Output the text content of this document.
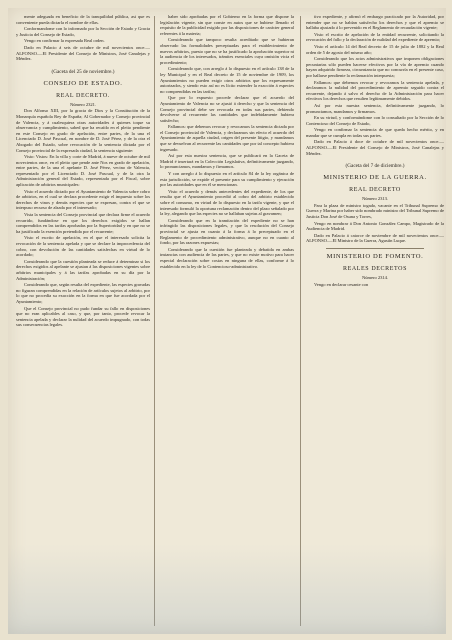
mente adeguada en beneficio de la tranquilidad pública, asi que es conveniente pueda dictarla el nombre de ellas.

Conformandome con lo informado por la Sección de Estado y Gracia y Justicia del Consejo de Estado,

Vengo en confirmar la expresada Real orden.

Dado en Palacio á seis de octubre de mil novecientos once.— ALFONSO.—El Presidente del Consejo de Ministros, José Canalejas y Méndez.

(Gaceta del 25 de noviembre.)

CONSEJO DE ESTADO.

REAL DECRETO.

Número 2321.

Don Alfonso XIII, por la gracia de Dios y la Constitución de la Monarquía española Rey de España; Al Gobernador y Consejo provincial de Valencia, y á cualesquiera otras autoridades á quienes toque su observancia y cumplimiento, sabed que ha recaído en el pleito pendiente en este Consejo en grado de apelación, entre partes, de la una el Licenciado D. José Pascual, en nombre de D. José Pérez, y de la otra el Abogado del Estado, sobre revocación de la sentencia dictada por el Consejo provincial de la expresada ciudad, la sentencia siguiente:

Visto: Vistos: En la villa y corte de Madrid, á nueve de octubre de mil novecientos once, en el pleito que pende ante Nos en grado de apelación, entre partes, de la una el apelante D. José Pérez, vecino de Valencia, representado por el Licenciado D. José Pascual, y de la otra la Administración general del Estado, representada por el Fiscal, sobre aplicación de arbitrios municipales:

Visto el acuerdo dictado por el Ayuntamiento de Valencia sobre cobro de arbitrios, en el cual se declara procedente exigir el impuesto sobre los derechos de vinos y demás especies que se expresan, contra el que se interpuso recurso de alzada por el interesado;

Vista la sentencia del Consejo provincial que declara firme el acuerdo recurrido, fundándose en que los derechos exigidos se hallan comprendidos en las tarifas aprobadas por la Superioridad y en que no se ha justificado la exención pretendida por el recurrente;

Visto el escrito de apelación, en el que el interesado solicita la revocación de la sentencia apelada y que se declare la improcedencia del cobro, con devolución de las cantidades satisfechas en virtud de lo acordado;

Considerando que la cuestión planteada se reduce á determinar si los derechos exigidos al apelante se ajustan á las disposiciones vigentes sobre arbitrios municipales y á las tarifas aprobadas en su día por la Administración;

Considerando que, según resulta del expediente, las especies gravadas no figuran comprendidas en la relación de artículos sujetos al arbitrio, por lo que no procedía su exacción en la forma en que fue acordada por el Ayuntamiento;

Que el Consejo provincial no pudo fundar su fallo en disposiciones que no eran aplicables al caso, y que, por tanto, procede revocar la sentencia apelada y declarar la nulidad del acuerdo impugnado, con todas sus consecuencias legales.

haber sido aprobadas por el Gobierno en la forma que dispone la legislación vigente, sin que conste en autos que se hubiese llenado el requisito de la publicidad exigido por las disposiciones de carácter general referentes á la materia;

Considerando que tampoco resulta acreditado que se hubieran observado las formalidades preceptuadas para el establecimiento de nuevos arbitrios, puesto que no se ha justificado la aprobación superior ni la audiencia de los interesados, trámites esenciales cuya omisión vicia el procedimiento;

Considerando que, con arreglo á lo dispuesto en el artículo 138 de la ley Municipal y en el Real decreto de 15 de noviembre de 1909, los Ayuntamientos no pueden exigir otros arbitrios que los expresamente autorizados, y siendo esto así no es lícito extender la exacción á especies no comprendidas en las tarifas;

Que por lo expuesto procede declarar que el acuerdo del Ayuntamiento de Valencia no se ajustó á derecho y que la sentencia del Consejo provincial debe ser revocada en todas sus partes, debiendo devolverse al recurrente las cantidades que indebidamente hubiera satisfecho;

Fallamos: que debemos revocar y revocamos la sentencia dictada por el Consejo provincial de Valencia, y declaramos sin efecto el acuerdo del Ayuntamiento de aquella ciudad, origen del presente litigio, y mandamos que se devuelvan al recurrente las cantidades que por tal concepto hubiera ingresado.

Así por esta nuestra sentencia, que se publicará en la Gaceta de Madrid é insertará en la Colección Legislativa, definitivamente juzgando, lo pronunciamos, mandamos y firmamos.

Y con arreglo á lo dispuesto en el artículo 84 de la ley orgánica de esta jurisdicción, se expide el presente para su cumplimiento y ejecución por las autoridades que en él se mencionan.

Visto el acuerdo y demás antecedentes del expediente, de los que resulta que el Ayuntamiento procedió al cobro del arbitrio establecido sobre el consumo, en virtud de lo dispuesto en la tarifa vigente, y que el interesado formuló la oportuna reclamación dentro del plazo señalado por la ley, alegando que las especies no se hallaban sujetas al gravamen;

Considerando que en la tramitación del expediente no se han infringido las disposiciones legales, y que la resolución del Consejo provincial se ajusta en cuanto á la forma á lo preceptuado en el Reglamento de procedimiento administrativo, aunque no en cuanto al fondo, por las razones expuestas;

Considerando que la cuestión fue planteada y debatida en ambas instancias con audiencia de las partes, y que no existe motivo para hacer especial declaración sobre costas en ninguna de ellas, conforme á lo establecido en la ley de lo Contencioso-administrativo.

tivo expediente, y afirmó el embargo practicado por la Autoridad, por entender que no se habían satisfecho los derechos y que el apremio se hallaba ajustado á lo prevenido en el Reglamento de recaudación vigente;

Visto el escrito de apelación de la entidad recurrente, solicitando la revocación del fallo y la declaración de nulidad del expediente de apremio;

Visto el artículo 14 del Real decreto de 15 de julio de 1882 y la Real orden de 5 de agosto del mismo año;

Considerando que los actos administrativos que imponen obligaciones pecuniarias sólo pueden hacerse efectivos por la vía de apremio cuando hayan adquirido firmeza, circunstancia que no concurría en el presente caso, por hallarse pendiente la reclamación interpuesta;

Fallamos: que debemos revocar y revocamos la sentencia apelada, y declaramos la nulidad del procedimiento de apremio seguido contra el recurrente, dejando á salvo el derecho de la Administración para hacer efectivos los derechos que resulten legítimamente debidos.

Así por esta nuestra sentencia, definitivamente juzgando, lo pronunciamos, mandamos y firmamos.

En su virtud, y conformándome con lo consultado por la Sección de lo Contencioso del Consejo de Estado,

Vengo en confirmar la sentencia de que queda hecho mérito, y en mandar que se cumpla en todas sus partes.

Dado en Palacio á doce de octubre de mil novecientos once.—ALFONSO.—El Presidente del Consejo de Ministros, José Canalejas y Méndez.

(Gaceta del 7 de diciembre.)

MINISTERIO DE LA GUERRA.

REAL DECRETO

Número 2313.

Para la plaza de ministro togado, vacante en el Tribunal Supremo de Guerra y Marina por haber sido nombrado ministro del Tribunal Supremo de Justicia Don José de Osuna y Torres,

Vengo en nombrar á Don Antonio González Campo, Magistrado de la Audiencia de Madrid.

Dado en Palacio á catorce de noviembre de mil novecientos once.—ALFONSO.—El Ministro de la Guerra, Agustín Luque.

MINISTERIO DE FOMENTO.

REALES DECRETOS

Número 2314.

Vengo en declarar cesante con
